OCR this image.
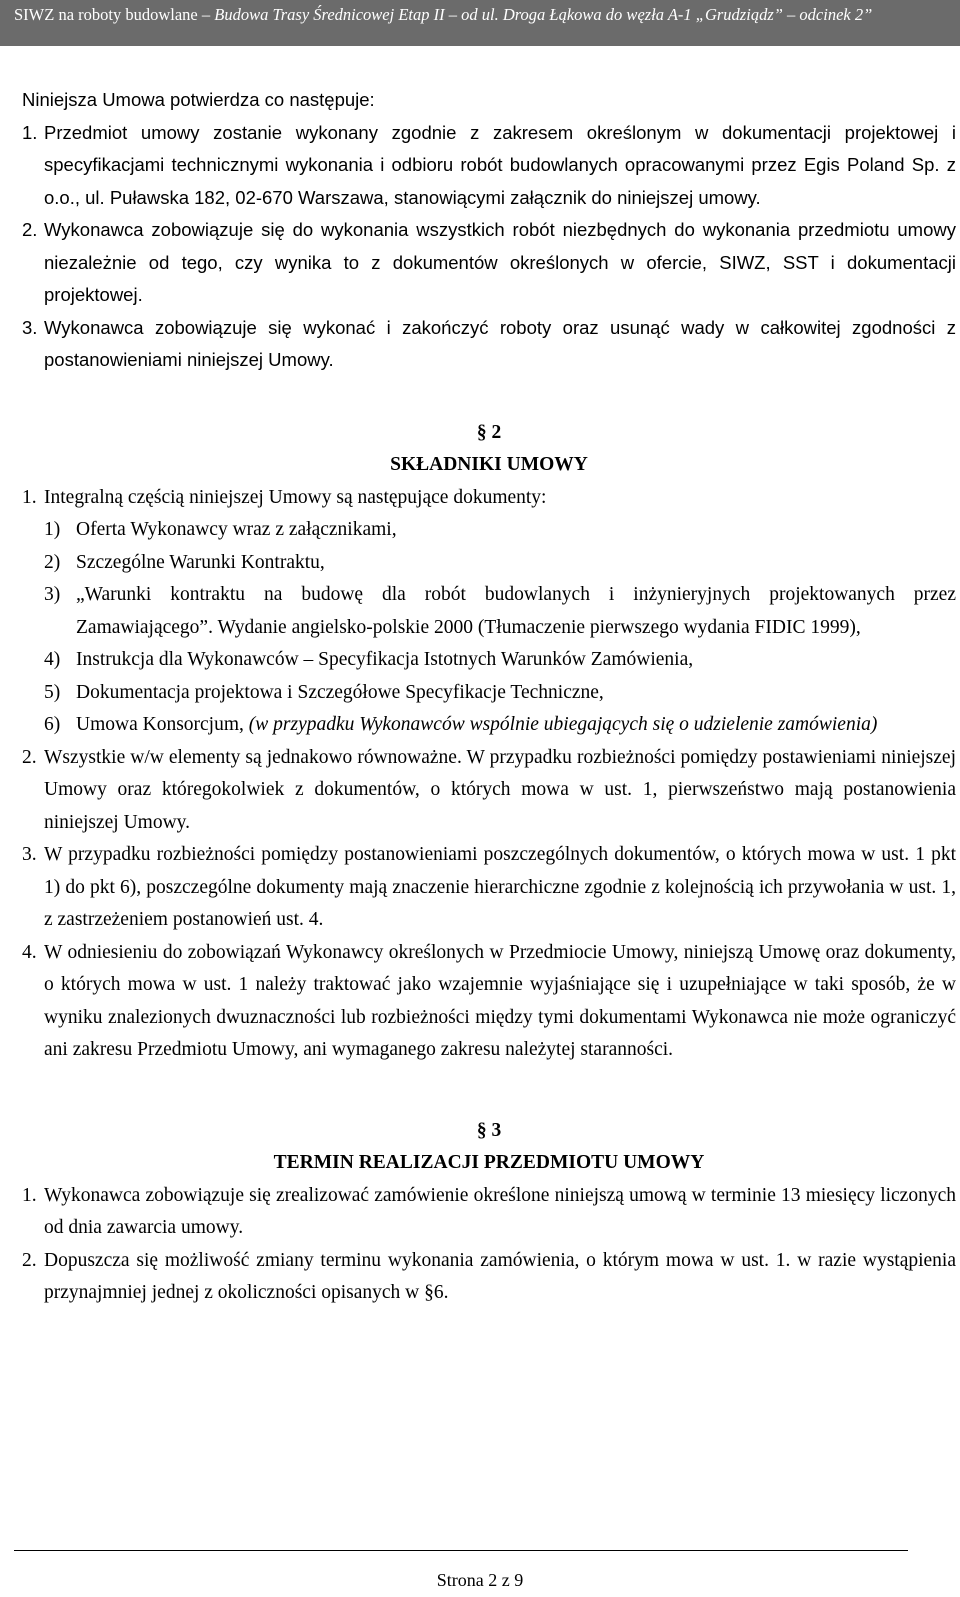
SIWZ na roboty budowlane – Budowa Trasy Średnicowej Etap II – od ul. Droga Łąkowa do węzła A-1 „Grudziądz” – odcinek 2”

Niniejsza Umowa potwierdza co następuje:

1. Przedmiot umowy zostanie wykonany zgodnie z zakresem określonym w dokumentacji projektowej i specyfikacjami technicznymi wykonania i odbioru robót budowlanych opracowanymi przez Egis Poland Sp. z o.o., ul. Puławska 182, 02-670 Warszawa, stanowiącymi załącznik do niniejszej umowy.
2. Wykonawca zobowiązuje się do wykonania wszystkich robót niezbędnych do wykonania przedmiotu umowy niezależnie od tego, czy wynika to z dokumentów określonych w ofercie, SIWZ, SST i dokumentacji projektowej.
3. Wykonawca zobowiązuje się wykonać i zakończyć roboty oraz usunąć wady w całkowitej zgodności z postanowieniami niniejszej Umowy.

§ 2

SKŁADNIKI UMOWY

1. Integralną częścią niniejszej Umowy są następujące dokumenty:
1) Oferta Wykonawcy wraz z załącznikami,
2) Szczególne Warunki Kontraktu,
3) „Warunki kontraktu na budowę dla robót budowlanych i inżynieryjnych projektowanych przez Zamawiającego”. Wydanie angielsko-polskie 2000 (Tłumaczenie pierwszego wydania FIDIC 1999),
4) Instrukcja dla Wykonawców – Specyfikacja Istotnych Warunków Zamówienia,
5) Dokumentacja projektowa i Szczegółowe Specyfikacje Techniczne,
6) Umowa Konsorcjum, (w przypadku Wykonawców wspólnie ubiegających się o udzielenie zamówienia)
2. Wszystkie w/w elementy są jednakowo równoważne. W przypadku rozbieżności pomiędzy postawieniami niniejszej Umowy oraz któregokolwiek z dokumentów, o których mowa w ust. 1, pierwszeństwo mają postanowienia niniejszej Umowy.
3. W przypadku rozbieżności pomiędzy postanowieniami poszczególnych dokumentów, o których mowa w ust. 1 pkt 1) do pkt 6), poszczególne dokumenty mają znaczenie hierarchiczne zgodnie z kolejnością ich przywołania w ust. 1, z zastrzeżeniem postanowień ust. 4.
4. W odniesieniu do zobowiązań Wykonawcy określonych w Przedmiocie Umowy, niniejszą Umowę oraz dokumenty, o których mowa w ust. 1 należy traktować jako wzajemnie wyjaśniające się i uzupełniające w taki sposób, że w wyniku znalezionych dwuznaczności lub rozbieżności między tymi dokumentami Wykonawca nie może ograniczyć ani zakresu Przedmiotu Umowy, ani wymaganego zakresu należytej staranności.

§ 3

TERMIN REALIZACJI PRZEDMIOTU UMOWY

1. Wykonawca zobowiązuje się zrealizować zamówienie określone niniejszą umową w terminie 13 miesięcy liczonych od dnia zawarcia umowy.
2. Dopuszcza się możliwość zmiany terminu wykonania zamówienia, o którym mowa w ust. 1. w razie wystąpienia przynajmniej jednej z okoliczności opisanych w §6.
Strona 2 z 9
